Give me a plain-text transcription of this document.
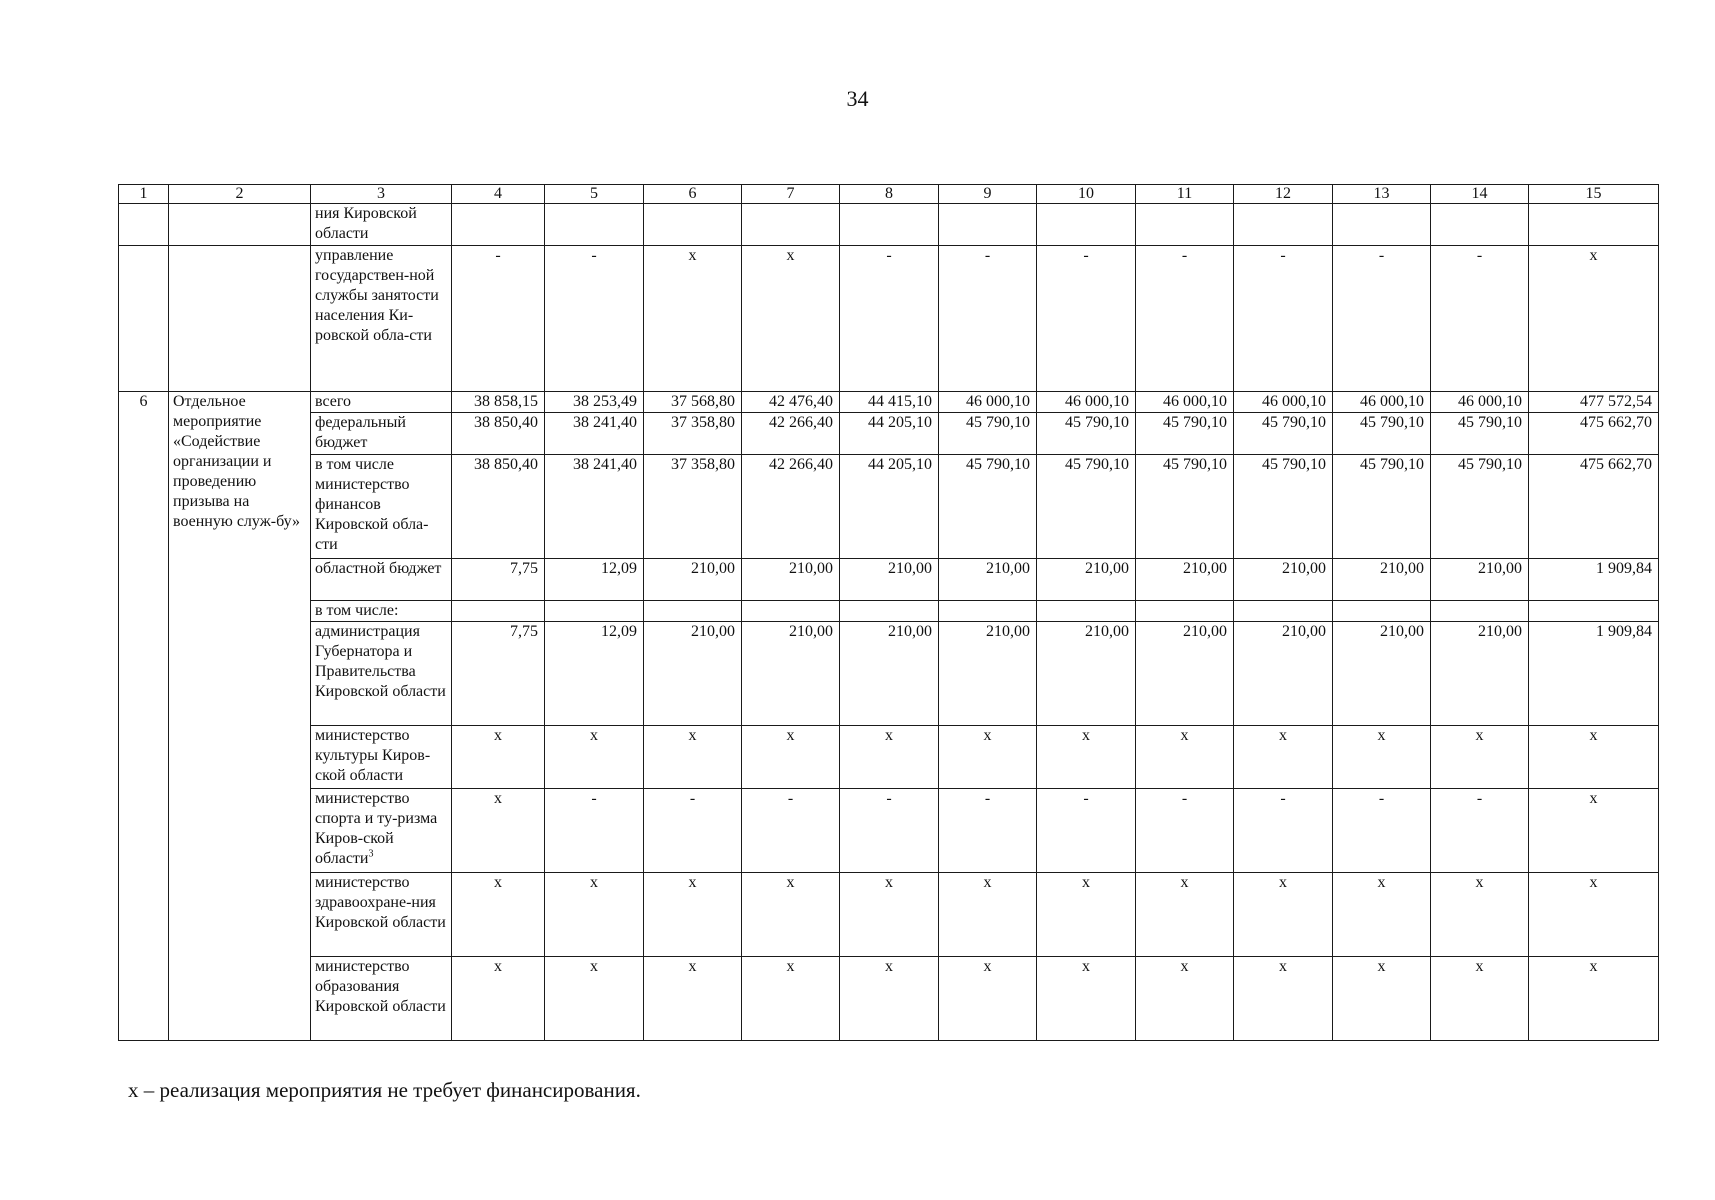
34
1	2	3	4	5	6	7	8	9	10	11	12	13	14	15
		ния Кировской области												
		управление государствен-ной службы занятости населения Ки-ровской обла-сти	-	-	x	x	-	-	-	-	-	-	-	x
6	Отдельное мероприятие «Содействие организации и проведению призыва на военную служ-бу»	всего	38 858,15	38 253,49	37 568,80	42 476,40	44 415,10	46 000,10	46 000,10	46 000,10	46 000,10	46 000,10	46 000,10	477 572,54
		федеральный бюджет	38 850,40	38 241,40	37 358,80	42 266,40	44 205,10	45 790,10	45 790,10	45 790,10	45 790,10	45 790,10	45 790,10	475 662,70
		в том числе министерство финансов Кировской обла-сти	38 850,40	38 241,40	37 358,80	42 266,40	44 205,10	45 790,10	45 790,10	45 790,10	45 790,10	45 790,10	45 790,10	475 662,70
		областной бюджет	7,75	12,09	210,00	210,00	210,00	210,00	210,00	210,00	210,00	210,00	210,00	1 909,84
		в том числе:												
		администрация Губернатора и Правительства Кировской области	7,75	12,09	210,00	210,00	210,00	210,00	210,00	210,00	210,00	210,00	210,00	1 909,84
		министерство культуры Киров-ской области	x	x	x	x	x	x	x	x	x	x	x	x
		министерство спорта и ту-ризма Киров-ской области$^3$	x	-	-	-	-	-	-	-	-	-	-	x
		министерство здравоохране-ния Кировской области	x	x	x	x	x	x	x	x	x	x	x	x
		министерство образования Кировской области	x	x	x	x	x	x	x	x	x	x	x	x
x – реализация мероприятия не требует финансирования.
